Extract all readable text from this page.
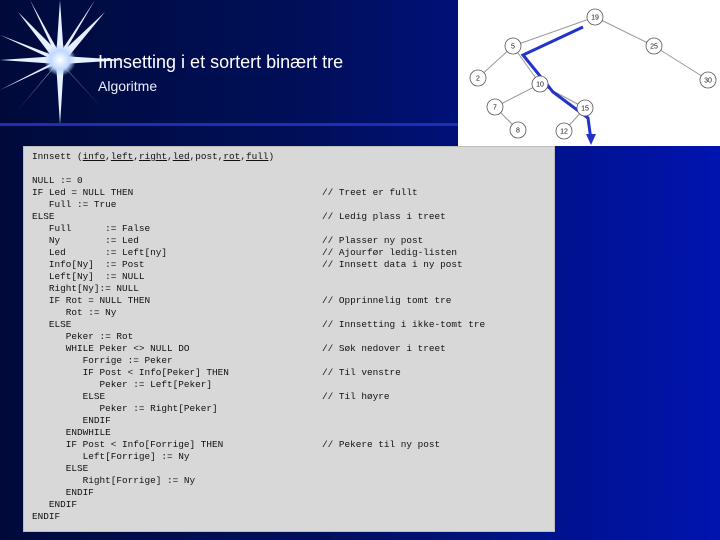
Innsetting i et sortert binært tre
Algoritme
19
5	25
2
10
30
7	15
8	12
Innsett (info,left,right,led,post,rot,full)
NULL := 0
IF Led = NULL THEN
Full := True
ELSE
Full      := False
Ny        := Led
Led       := Left[ny]
Info[Ny]  := Post
Left[Ny]  := NULL
Right[Ny]:= NULL
IF Rot = NULL THEN
Rot := Ny
ELSE
Peker := Rot
WHILE Peker <> NULL DO
Forrige := Peker
IF Post < Info[Peker] THEN
Peker := Left[Peker]
ELSE
Peker := Right[Peker]
ENDIF
ENDWHILE
IF Post < Info[Forrige] THEN
Left[Forrige] := Ny
ELSE
Right[Forrige] := Ny
ENDIF
ENDIF
ENDIF
// Treet er fullt
// Ledig plass i treet
// Plasser ny post
// Ajourfør ledig-listen
// Innsett data i ny post
// Opprinnelig tomt tre
// Innsetting i ikke-tomt tre
// Søk nedover i treet
// Til venstre
// Til høyre
// Pekere til ny post
